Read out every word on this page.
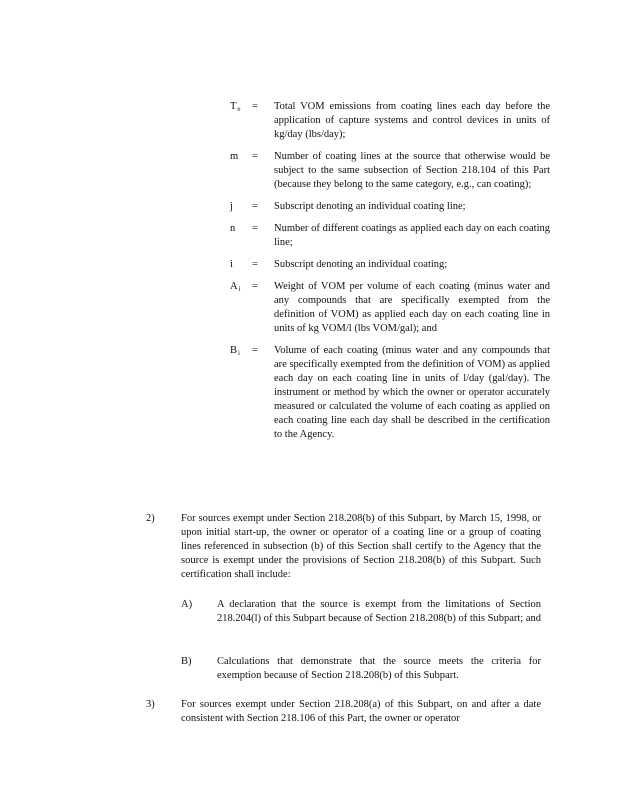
Te	= Total VOM emissions from coating lines each day before the application of capture systems and control devices in units of kg/day (lbs/day);
m	= Number of coating lines at the source that otherwise would be subject to the same subsection of Section 218.104 of this Part (because they belong to the same category, e.g., can coating);
j	= Subscript denoting an individual coating line;
n	= Number of different coatings as applied each day on each coating line;
i	= Subscript denoting an individual coating;
Ai	= Weight of VOM per volume of each coating (minus water and any compounds that are specifically exempted from the definition of VOM) as applied each day on each coating line in units of kg VOM/l (lbs VOM/gal); and
Bi	= Volume of each coating (minus water and any compounds that are specifically exempted from the definition of VOM) as applied each day on each coating line in units of l/day (gal/day). The instrument or method by which the owner or operator accurately measured or calculated the volume of each coating as applied on each coating line each day shall be described in the certification to the Agency.
2)	For sources exempt under Section 218.208(b) of this Subpart, by March 15, 1998, or upon initial start-up, the owner or operator of a coating line or a group of coating lines referenced in subsection (b) of this Section shall certify to the Agency that the source is exempt under the provisions of Section 218.208(b) of this Subpart. Such certification shall include:
A) A declaration that the source is exempt from the limitations of Section 218.204(l) of this Subpart because of Section 218.208(b) of this Subpart; and
B) Calculations that demonstrate that the source meets the criteria for exemption because of Section 218.208(b) of this Subpart.
3)	For sources exempt under Section 218.208(a) of this Subpart, on and after a date consistent with Section 218.106 of this Part, the owner or operator
